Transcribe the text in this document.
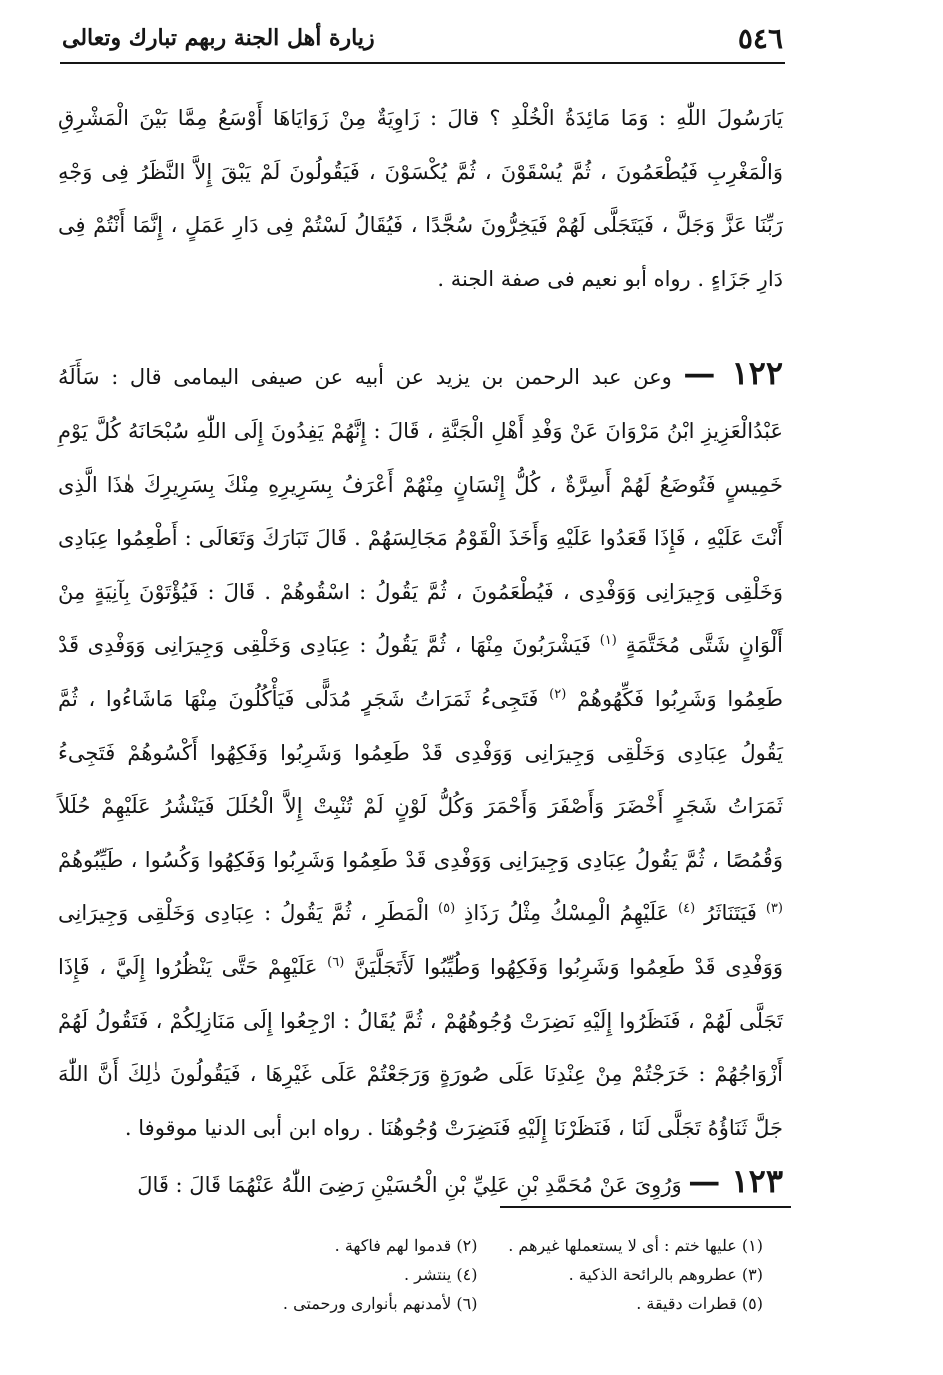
٥٤٦
زيارة أهل الجنة ربهم تبارك وتعالى

يَارَسُولَ اللّٰهِ : وَمَا مَائِدَةُ الْخُلْدِ ؟ قالَ : زَاوِيَةٌ مِنْ زَوَايَاهَا أَوْسَعُ مِمَّا بَيْنَ الْمَشْرِقِ وَالْمَغْرِبِ فَيُطْعَمُونَ ، ثُمَّ يُسْقَوْنَ ، ثُمَّ يُكْسَوْنَ ، فَيَقُولُونَ لَمْ يَبْقَ إِلاَّ النَّظَرُ فِى وَجْهِ رَبِّنَا عَزَّ وَجَلَّ ، فَيَتَجَلَّى لَهُمْ فَيَخِرُّونَ سُجَّدًا ، فَيُقَالُ لَسْتُمْ فِى دَارِ عَمَلٍ ، إِنَّمَا أَنْتُمْ فِى دَارِ جَزَاءٍ . رواه أبو نعيم فى صفة الجنة .

١٢٢ — وعن عبد الرحمن بن يزيد عن أبيه عن صيفى اليمامى قال : سَأَلَهُ عَبْدُالْعَزِيزِ ابْنُ مَرْوَانَ عَنْ وَفْدِ أَهْلِ الْجَنَّةِ ، قَالَ : إِنَّهُمْ يَفِدُونَ إِلَى اللّٰهِ سُبْحَانَهُ كُلَّ يَوْمِ خَمِيسٍ فَتُوضَعُ لَهُمْ أَسِرَّةٌ ، كُلُّ إِنْسَانٍ مِنْهُمْ أَعْرَفُ بِسَرِيرِهِ مِنْكَ بِسَرِيرِكَ هٰذَا الَّذِى أَنْتَ عَلَيْهِ ، فَإِذَا قَعَدُوا عَلَيْهِ وَأَخَذَ الْقَوْمُ مَجَالِسَهُمْ . قَالَ تَبَارَكَ وَتَعَالَى : أَطْعِمُوا عِبَادِى وَخَلْقِى وَجِيرَانِى وَوَفْدِى ، فَيُطْعَمُونَ ، ثُمَّ يَقُولُ : اسْقُوهُمْ . قَالَ : فَيُؤْتَوْنَ بِآنِيَةٍ مِنْ أَلْوَانٍ شَتَّى مُخَتَّمَةٍ $^{(١)}$ فَيَشْرَبُونَ مِنْهَا ، ثُمَّ يَقُولُ : عِبَادِى وَخَلْقِى وَجِيرَانِى وَوَفْدِى قَدْ طَعِمُوا وَشَرِبُوا فَكِّهُوهُمْ $^{(٢)}$ فَتَجِىءُ ثَمَرَاتُ شَجَرٍ مُدَلًّى فَيَأْكُلُونَ مِنْهَا مَاشَاءُوا ، ثُمَّ يَقُولُ عِبَادِى وَخَلْقِى وَجِيرَانِى وَوَفْدِى قَدْ طَعِمُوا وَشَرِبُوا وَفَكِهُوا أَكْسُوهُمْ فَتَجِىءُ ثَمَرَاتُ شَجَرٍ أَخْضَرَ وَأَصْفَرَ وَأَحْمَرَ وَكُلُّ لَوْنٍ لَمْ تُنْبِتْ إِلاَّ الْحُلَلَ فَيَنْشُرُ عَلَيْهِمْ حُلَلاً وَقُمُصًا ، ثُمَّ يَقُولُ عِبَادِى وَجِيرَانِى وَوَفْدِى قَدْ طَعِمُوا وَشَرِبُوا وَفَكِهُوا وَكُسُوا ، طَيِّبُوهُمْ $^{(٣)}$ فَيَتَنَاثَرُ $^{(٤)}$ عَلَيْهِمُ الْمِسْكُ مِثْلُ رَذَاذِ $^{(٥)}$ الْمَطَرِ ، ثُمَّ يَقُولُ : عِبَادِى وَخَلْقِى وَجِيرَانِى وَوَفْدِى قَدْ طَعِمُوا وَشَرِبُوا وَفَكِهُوا وَطُيِّبُوا لَأَتَجَلَّيَنَّ $^{(٦)}$ عَلَيْهِمْ حَتَّى يَنْظُرُوا إِلَيَّ ، فَإِذَا تَجَلَّى لَهُمْ ، فَنَظَرُوا إِلَيْهِ نَضِرَتْ وُجُوهُهُمْ ، ثُمَّ يُقَالُ : ارْجِعُوا إِلَى مَنَازِلِكُمْ ، فَتَقُولُ لَهُمْ أَزْوَاجُهُمْ : خَرَجْتُمْ مِنْ عِنْدِنَا عَلَى صُورَةٍ وَرَجَعْتُمْ عَلَى غَيْرِهَا ، فَيَقُولُونَ ذٰلِكَ أَنَّ اللّٰهَ جَلَّ ثَنَاؤُهُ تَجَلَّى لَنَا ، فَنَظَرْنَا إِلَيْهِ فَنَضِرَتْ وُجُوهُنَا . رواه ابن أبى الدنيا موقوفا .

١٢٣ — وَرُوِىَ عَنْ مُحَمَّدِ بْنِ عَلِيِّ بْنِ الْحُسَيْنِ رَضِىَ اللّٰهُ عَنْهُمَا قَالَ : قَالَ

(١) عليها ختم : أى لا يستعملها غيرهم .
(٢) قدموا لهم فاكهة .
(٣) عطروهم بالرائحة الذكية .
(٤) ينتشر .
(٥) قطرات دقيقة .
(٦) لأمدنهم بأنوارى ورحمتى .
